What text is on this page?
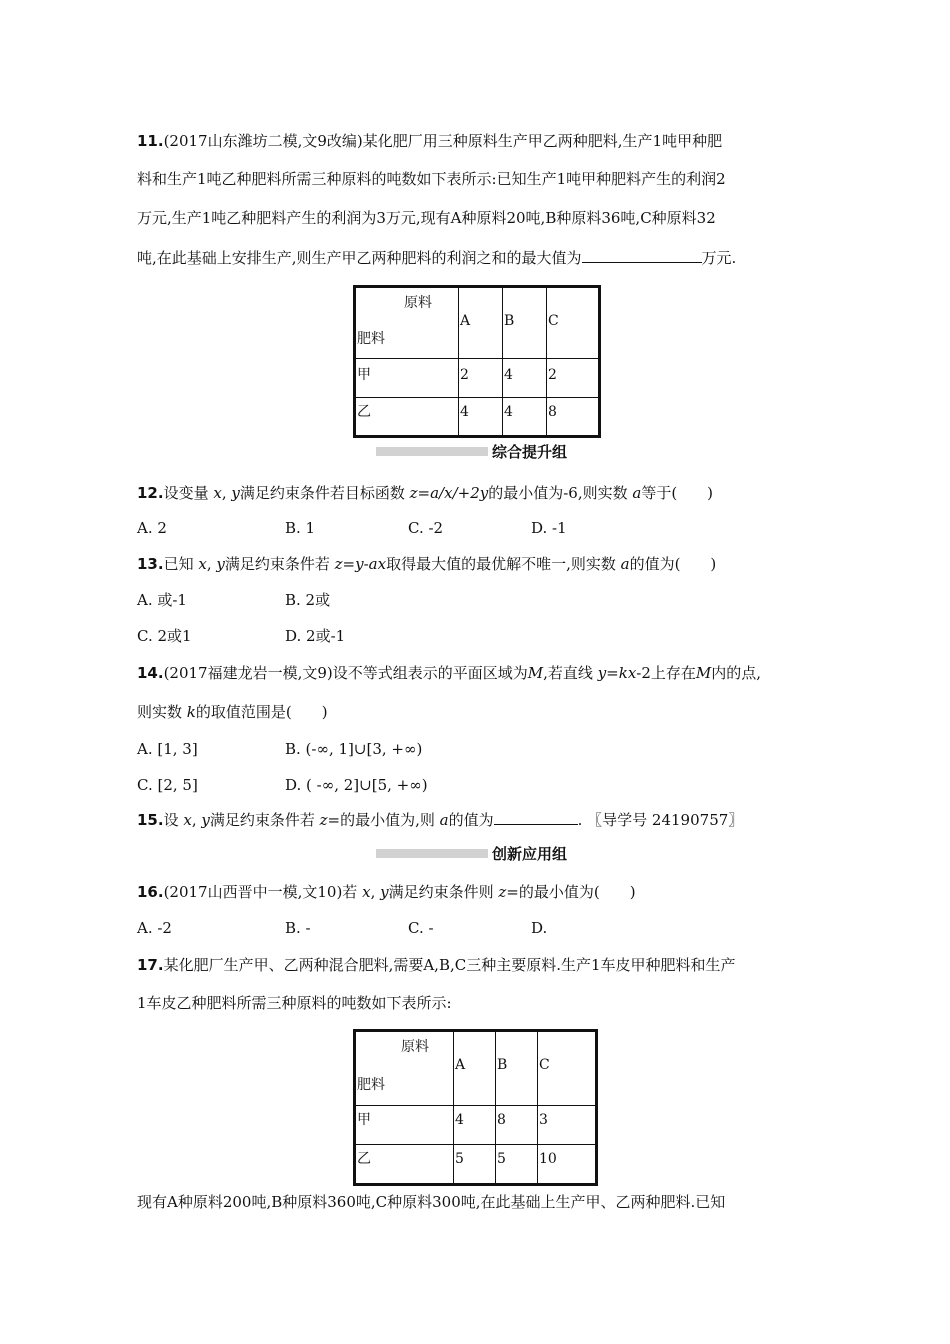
11.(2017山东潍坊二模,文9改编)某化肥厂用三种原料生产甲乙两种肥料,生产1吨甲种肥
料和生产1吨乙种肥料所需三种原料的吨数如下表所示:已知生产1吨甲种肥料产生的利润2
万元,生产1吨乙种肥料产生的利润为3万元,现有A种原料20吨,B种原料36吨,C种原料32
吨,在此基础上安排生产,则生产甲乙两种肥料的利润之和的最大值为	万元.
原料
肥料	A	B	C

甲	2	4	2

乙	4	4	8
综合提升组
12.设变量 x, y满足约束条件若目标函数 z=a/x/+2y的最小值为-6,则实数 a等于(　　)
A. 2	B. 1	C. -2	D. -1
13.已知 x, y满足约束条件若 z=y-ax取得最大值的最优解不唯一,则实数 a的值为(　　)
A. 或-1	B. 2或
C. 2或1	D. 2或-1
14.(2017福建龙岩一模,文9)设不等式组表示的平面区域为M,若直线 y=kx-2上存在M内的点,
则实数 k的取值范围是(　　)
A. [1, 3]	B. (-∞, 1]∪[3, +∞)
C. [2, 5]	D. ( -∞, 2]∪[5, +∞)
15.设 x, y满足约束条件若 z=的最小值为,则 a的值为	. 〖导学号 24190757〗
创新应用组
16.(2017山西晋中一模,文10)若 x, y满足约束条件则 z=的最小值为(　　)
A. -2	B. -	C. -	D.
17.某化肥厂生产甲、乙两种混合肥料,需要A,B,C三种主要原料.生产1车皮甲种肥料和生产
1车皮乙种肥料所需三种原料的吨数如下表所示:
原料
肥料	A	B	C

甲	4	8	3

乙	5	5	10
现有A种原料200吨,B种原料360吨,C种原料300吨,在此基础上生产甲、乙两种肥料.已知
